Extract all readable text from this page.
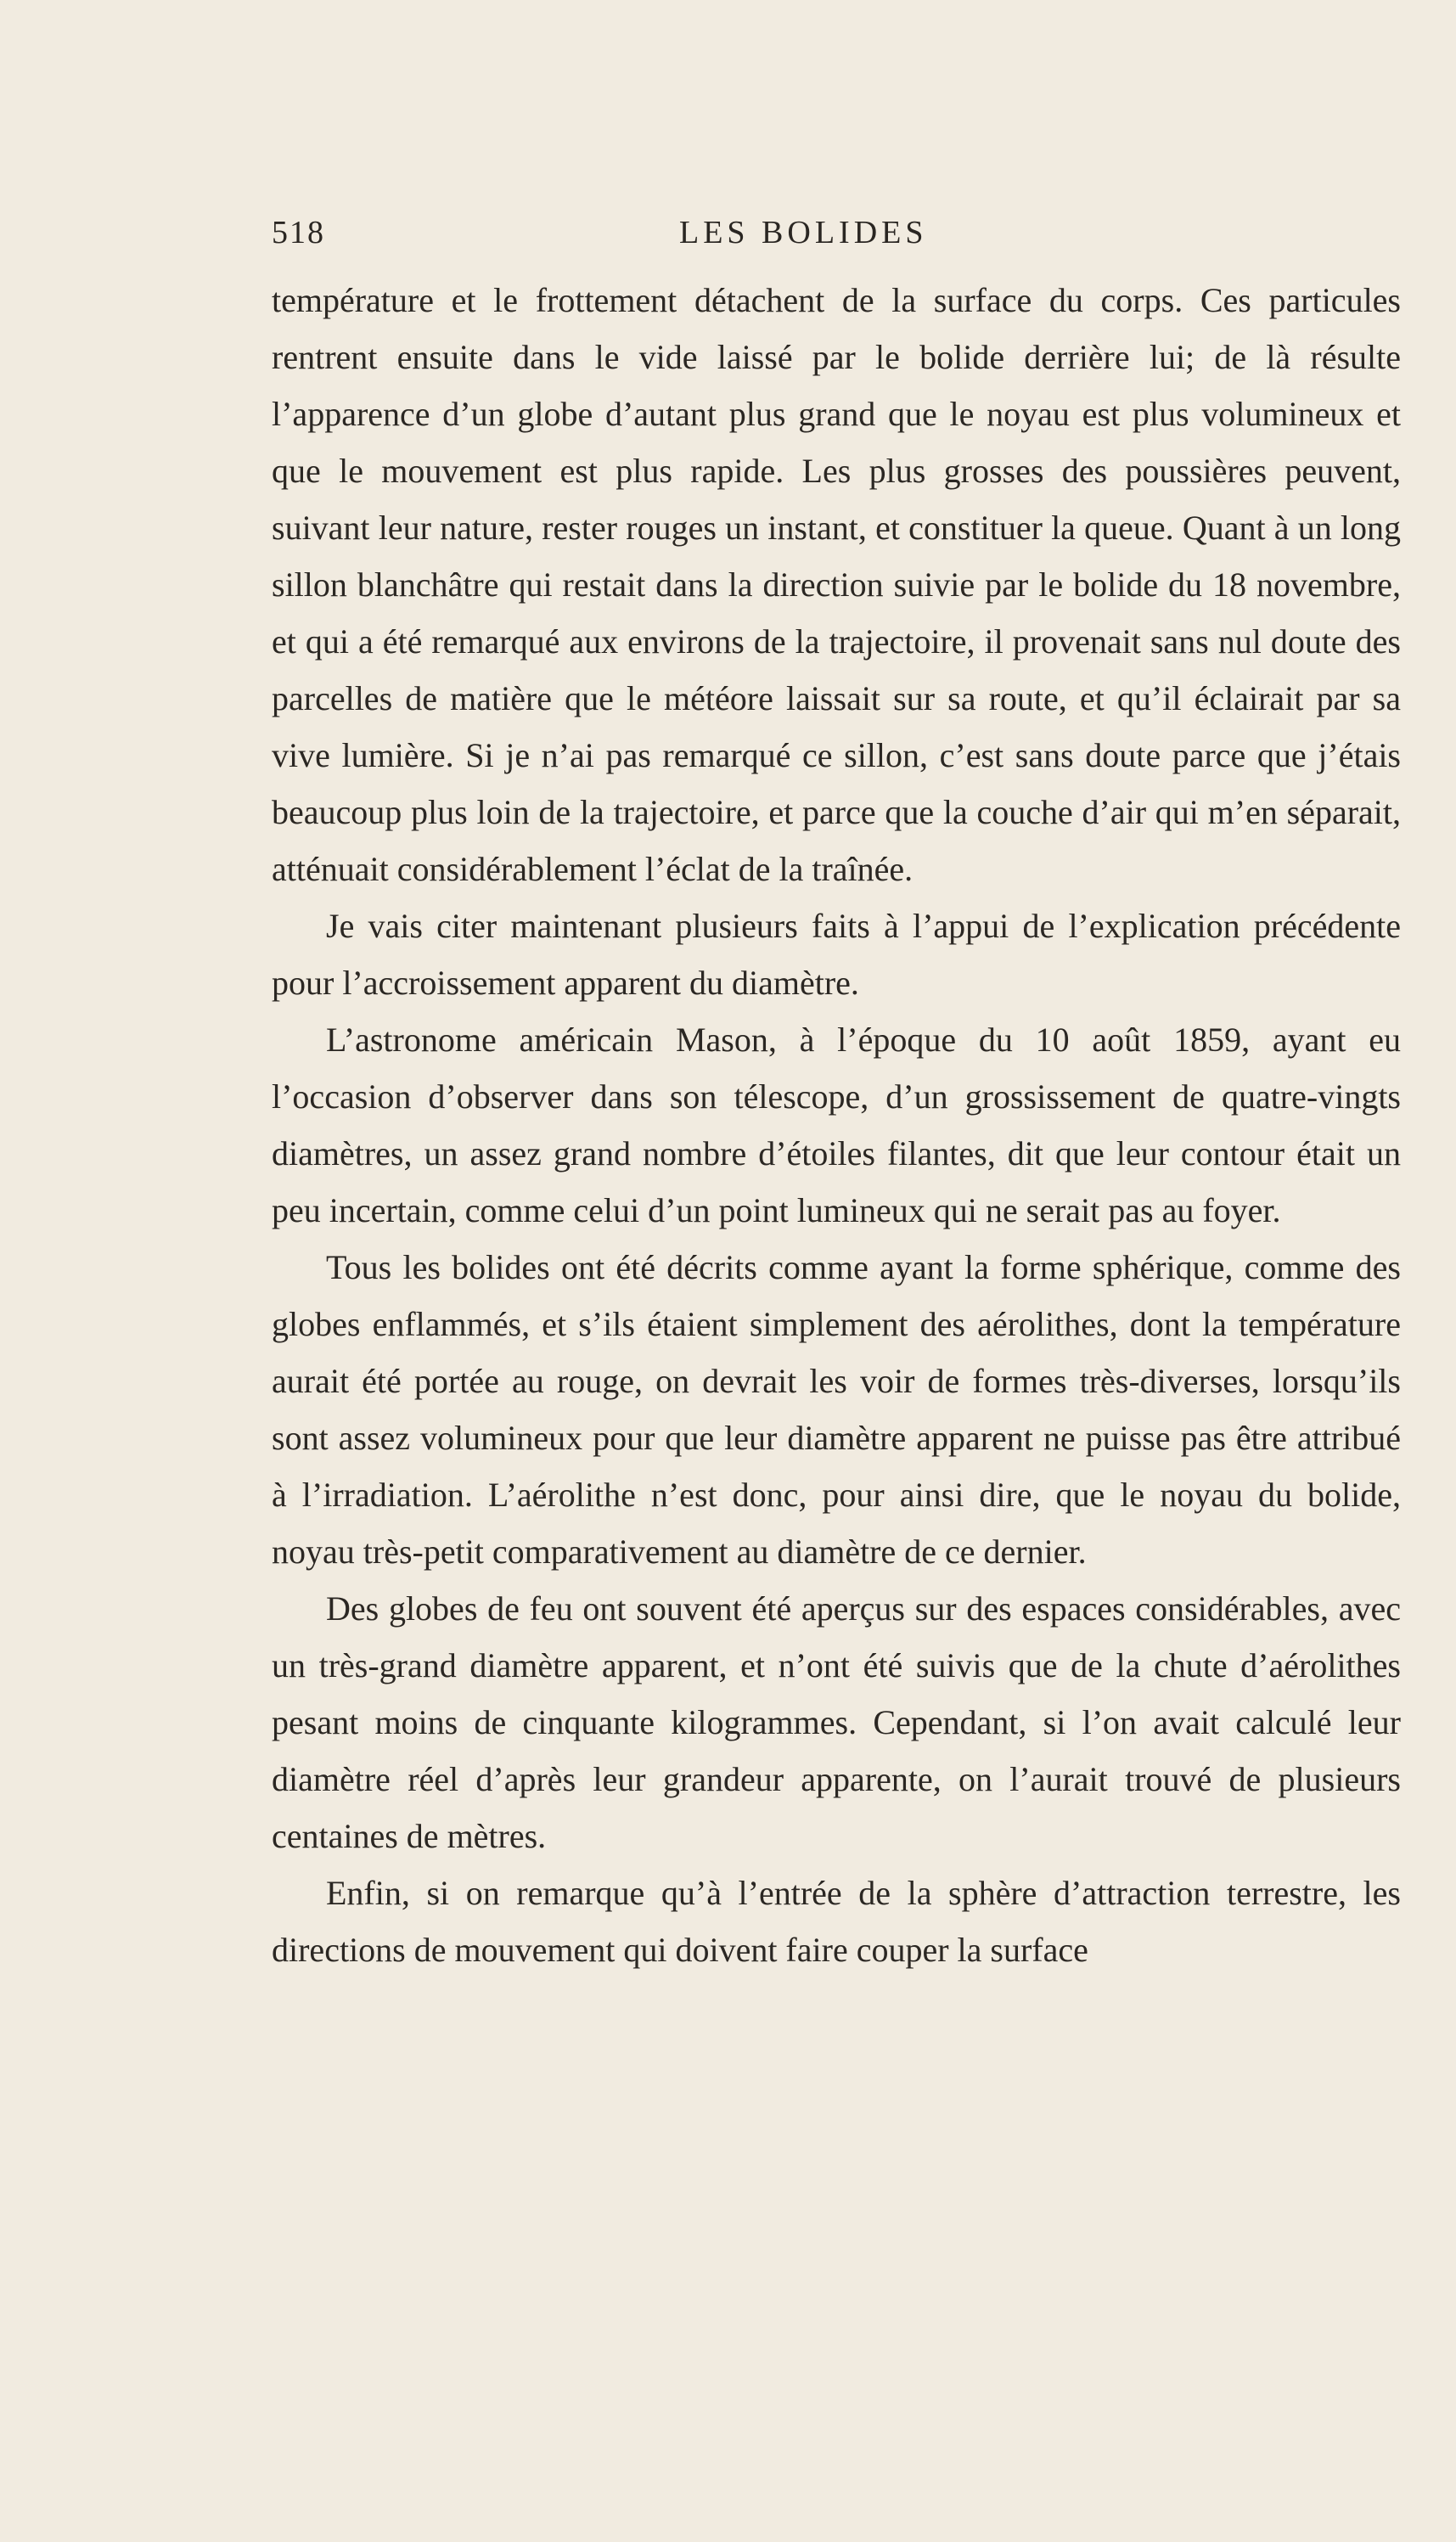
518	LES BOLIDES

température et le frottement détachent de la surface du corps. Ces particules rentrent ensuite dans le vide laissé par le bolide derrière lui; de là résulte l’apparence d’un globe d’autant plus grand que le noyau est plus volumineux et que le mouvement est plus rapide. Les plus grosses des poussières peuvent, suivant leur nature, rester rouges un instant, et constituer la queue. Quant à un long sillon blanchâtre qui restait dans la direction suivie par le bolide du 18 novembre, et qui a été remarqué aux environs de la trajectoire, il provenait sans nul doute des parcelles de matière que le météore laissait sur sa route, et qu’il éclairait par sa vive lumière. Si je n’ai pas remarqué ce sillon, c’est sans doute parce que j’étais beaucoup plus loin de la trajectoire, et parce que la couche d’air qui m’en séparait, atténuait considérablement l’éclat de la traînée.

Je vais citer maintenant plusieurs faits à l’appui de l’explication précédente pour l’accroissement apparent du diamètre.

L’astronome américain Mason, à l’époque du 10 août 1859, ayant eu l’occasion d’observer dans son télescope, d’un grossissement de quatre-vingts diamètres, un assez grand nombre d’étoiles filantes, dit que leur contour était un peu incertain, comme celui d’un point lumineux qui ne serait pas au foyer.

Tous les bolides ont été décrits comme ayant la forme sphérique, comme des globes enflammés, et s’ils étaient simplement des aérolithes, dont la température aurait été portée au rouge, on devrait les voir de formes très-diverses, lorsqu’ils sont assez volumineux pour que leur diamètre apparent ne puisse pas être attribué à l’irradiation. L’aérolithe n’est donc, pour ainsi dire, que le noyau du bolide, noyau très-petit comparativement au diamètre de ce dernier.

Des globes de feu ont souvent été aperçus sur des espaces considérables, avec un très-grand diamètre apparent, et n’ont été suivis que de la chute d’aérolithes pesant moins de cinquante kilogrammes. Cependant, si l’on avait calculé leur diamètre réel d’après leur grandeur apparente, on l’aurait trouvé de plusieurs centaines de mètres.

Enfin, si on remarque qu’à l’entrée de la sphère d’attraction terrestre, les directions de mouvement qui doivent faire couper la surface
